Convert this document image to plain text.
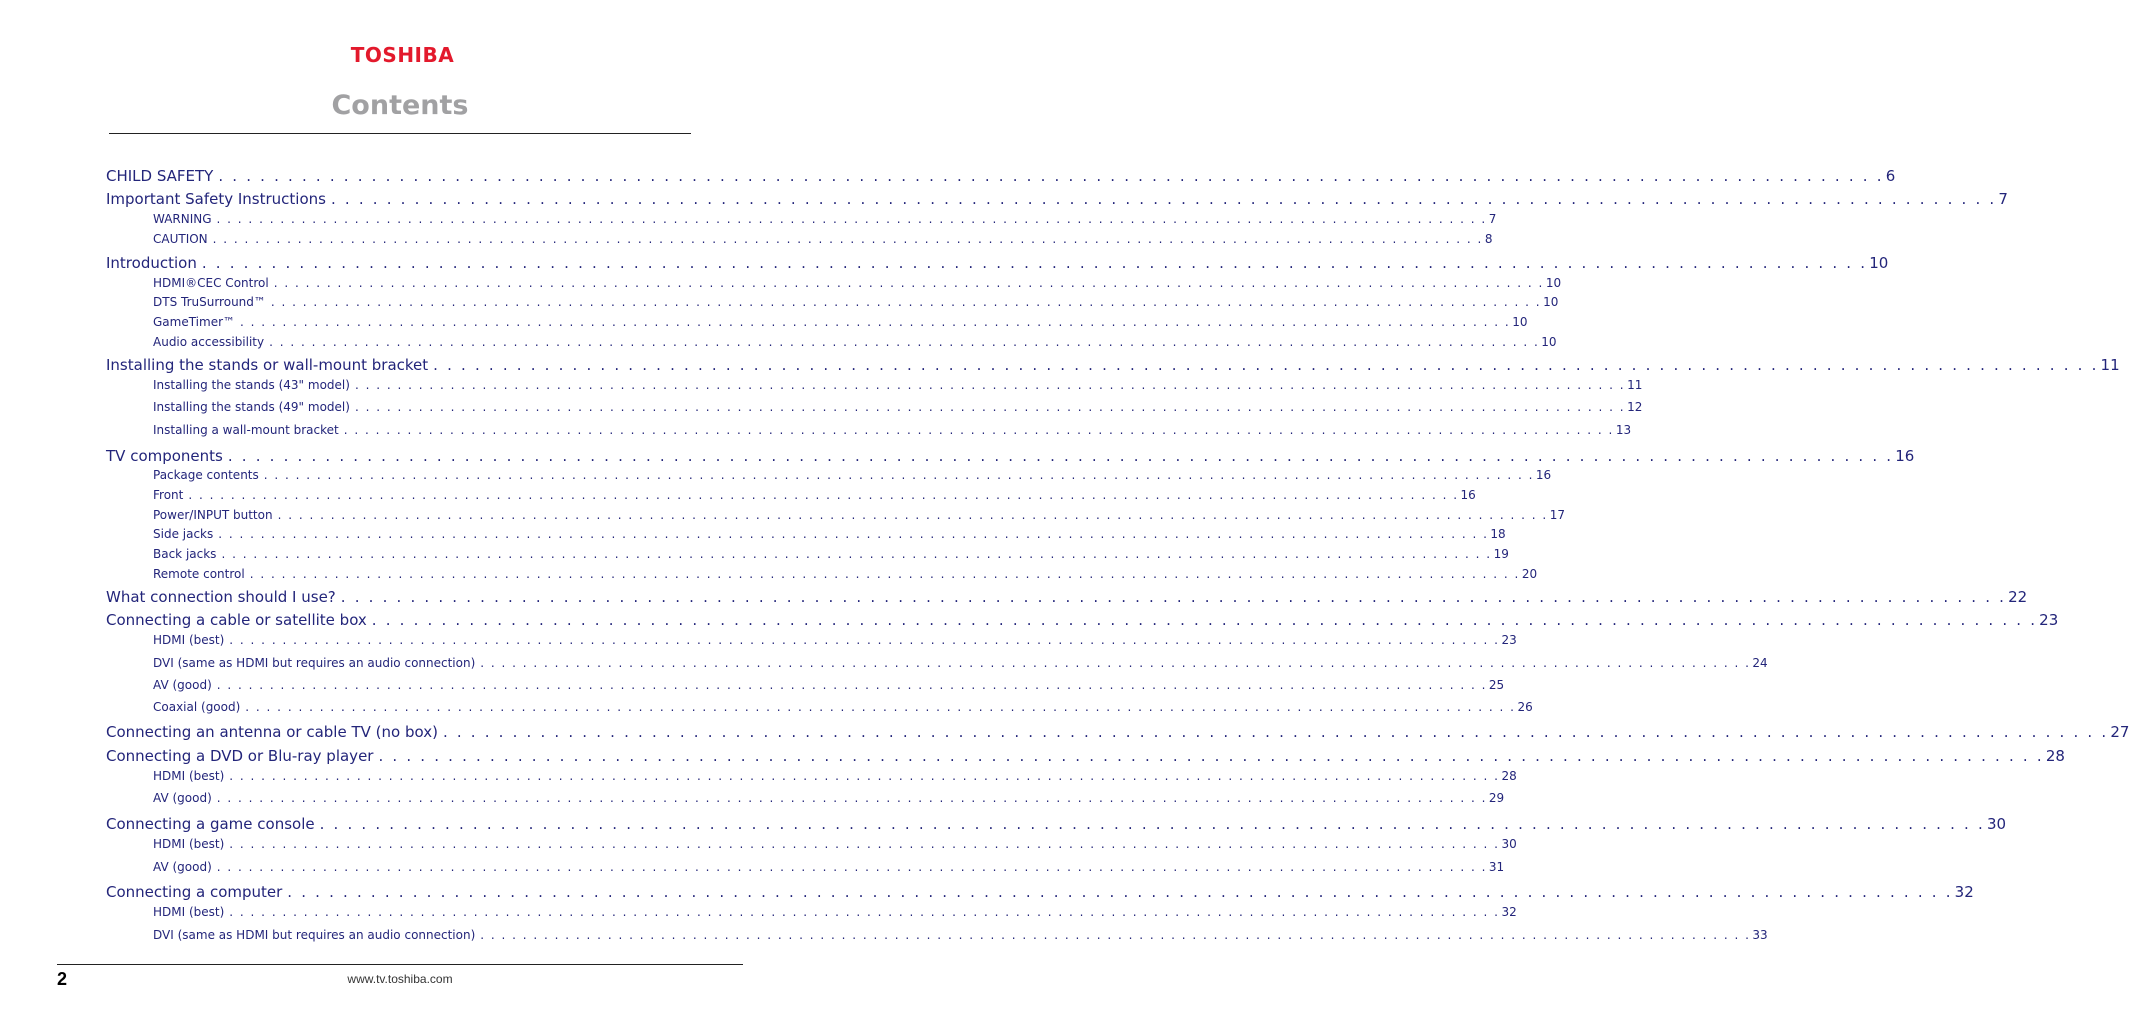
TOSHIBA
Contents
CHILD SAFETY . . . . . . . . . . . . . . . . . . . . . . . . . . . . . . . . . . . . . . . . . . . . . . . . . . . . . . . . . . . . . . . . . . . . . . . . . . . . . . . . . . . . . . . . . . . . . . . . . . . . . . . . . . . . . . . . . . . . . . . . 6
Important Safety Instructions . . . . . . . . . . . . . . . . . . . . . . . . . . . . . . . . . . . . . . . . . . . . . . . . . . . . . . . . . . . . . . . . . . . . . . . . . . . . . . . . . . . . . . . . . . . . . . . . . . . . . . . . . . . . . . . . . . . . . . . . 7
WARNING . . . . . . . . . . . . . . . . . . . . . . . . . . . . . . . . . . . . . . . . . . . . . . . . . . . . . . . . . . . . . . . . . . . . . . . . . . . . . . . . . . . . . . . . . . . . . . . . . . . . . . . . . . . . . . . . . . . . . . . . 7
CAUTION . . . . . . . . . . . . . . . . . . . . . . . . . . . . . . . . . . . . . . . . . . . . . . . . . . . . . . . . . . . . . . . . . . . . . . . . . . . . . . . . . . . . . . . . . . . . . . . . . . . . . . . . . . . . . . . . . . . . . . . . 8
Introduction . . . . . . . . . . . . . . . . . . . . . . . . . . . . . . . . . . . . . . . . . . . . . . . . . . . . . . . . . . . . . . . . . . . . . . . . . . . . . . . . . . . . . . . . . . . . . . . . . . . . . . . . . . . . . . . . . . . . . . . . 10
HDMI®CEC Control . . . . . . . . . . . . . . . . . . . . . . . . . . . . . . . . . . . . . . . . . . . . . . . . . . . . . . . . . . . . . . . . . . . . . . . . . . . . . . . . . . . . . . . . . . . . . . . . . . . . . . . . . . . . . . . . . . . . . . . . 10
DTS TruSurround™ . . . . . . . . . . . . . . . . . . . . . . . . . . . . . . . . . . . . . . . . . . . . . . . . . . . . . . . . . . . . . . . . . . . . . . . . . . . . . . . . . . . . . . . . . . . . . . . . . . . . . . . . . . . . . . . . . . . . . . . . 10
GameTimer™ . . . . . . . . . . . . . . . . . . . . . . . . . . . . . . . . . . . . . . . . . . . . . . . . . . . . . . . . . . . . . . . . . . . . . . . . . . . . . . . . . . . . . . . . . . . . . . . . . . . . . . . . . . . . . . . . . . . . . . . . 10
Audio accessibility . . . . . . . . . . . . . . . . . . . . . . . . . . . . . . . . . . . . . . . . . . . . . . . . . . . . . . . . . . . . . . . . . . . . . . . . . . . . . . . . . . . . . . . . . . . . . . . . . . . . . . . . . . . . . . . . . . . . . . . . 10
Installing the stands or wall-mount bracket . . . . . . . . . . . . . . . . . . . . . . . . . . . . . . . . . . . . . . . . . . . . . . . . . . . . . . . . . . . . . . . . . . . . . . . . . . . . . . . . . . . . . . . . . . . . . . . . . . . . . . . . . . . . . . . . . . . . . . . . 11
Installing the stands (43" model) . . . . . . . . . . . . . . . . . . . . . . . . . . . . . . . . . . . . . . . . . . . . . . . . . . . . . . . . . . . . . . . . . . . . . . . . . . . . . . . . . . . . . . . . . . . . . . . . . . . . . . . . . . . . . . . . . . . . . . . . 11
Installing the stands (49" model) . . . . . . . . . . . . . . . . . . . . . . . . . . . . . . . . . . . . . . . . . . . . . . . . . . . . . . . . . . . . . . . . . . . . . . . . . . . . . . . . . . . . . . . . . . . . . . . . . . . . . . . . . . . . . . . . . . . . . . . . 12
Installing a wall-mount bracket . . . . . . . . . . . . . . . . . . . . . . . . . . . . . . . . . . . . . . . . . . . . . . . . . . . . . . . . . . . . . . . . . . . . . . . . . . . . . . . . . . . . . . . . . . . . . . . . . . . . . . . . . . . . . . . . . . . . . . . . 13
TV components . . . . . . . . . . . . . . . . . . . . . . . . . . . . . . . . . . . . . . . . . . . . . . . . . . . . . . . . . . . . . . . . . . . . . . . . . . . . . . . . . . . . . . . . . . . . . . . . . . . . . . . . . . . . . . . . . . . . . . . . 16
Package contents . . . . . . . . . . . . . . . . . . . . . . . . . . . . . . . . . . . . . . . . . . . . . . . . . . . . . . . . . . . . . . . . . . . . . . . . . . . . . . . . . . . . . . . . . . . . . . . . . . . . . . . . . . . . . . . . . . . . . . . . 16
Front . . . . . . . . . . . . . . . . . . . . . . . . . . . . . . . . . . . . . . . . . . . . . . . . . . . . . . . . . . . . . . . . . . . . . . . . . . . . . . . . . . . . . . . . . . . . . . . . . . . . . . . . . . . . . . . . . . . . . . . . 16
Power/INPUT button . . . . . . . . . . . . . . . . . . . . . . . . . . . . . . . . . . . . . . . . . . . . . . . . . . . . . . . . . . . . . . . . . . . . . . . . . . . . . . . . . . . . . . . . . . . . . . . . . . . . . . . . . . . . . . . . . . . . . . . . 17
Side jacks . . . . . . . . . . . . . . . . . . . . . . . . . . . . . . . . . . . . . . . . . . . . . . . . . . . . . . . . . . . . . . . . . . . . . . . . . . . . . . . . . . . . . . . . . . . . . . . . . . . . . . . . . . . . . . . . . . . . . . . . 18
Back jacks . . . . . . . . . . . . . . . . . . . . . . . . . . . . . . . . . . . . . . . . . . . . . . . . . . . . . . . . . . . . . . . . . . . . . . . . . . . . . . . . . . . . . . . . . . . . . . . . . . . . . . . . . . . . . . . . . . . . . . . . 19
Remote control . . . . . . . . . . . . . . . . . . . . . . . . . . . . . . . . . . . . . . . . . . . . . . . . . . . . . . . . . . . . . . . . . . . . . . . . . . . . . . . . . . . . . . . . . . . . . . . . . . . . . . . . . . . . . . . . . . . . . . . . 20
What connection should I use? . . . . . . . . . . . . . . . . . . . . . . . . . . . . . . . . . . . . . . . . . . . . . . . . . . . . . . . . . . . . . . . . . . . . . . . . . . . . . . . . . . . . . . . . . . . . . . . . . . . . . . . . . . . . . . . . . . . . . . . . 22
Connecting a cable or satellite box . . . . . . . . . . . . . . . . . . . . . . . . . . . . . . . . . . . . . . . . . . . . . . . . . . . . . . . . . . . . . . . . . . . . . . . . . . . . . . . . . . . . . . . . . . . . . . . . . . . . . . . . . . . . . . . . . . . . . . . . 23
HDMI (best) . . . . . . . . . . . . . . . . . . . . . . . . . . . . . . . . . . . . . . . . . . . . . . . . . . . . . . . . . . . . . . . . . . . . . . . . . . . . . . . . . . . . . . . . . . . . . . . . . . . . . . . . . . . . . . . . . . . . . . . . 23
DVI (same as HDMI but requires an audio connection) . . . . . . . . . . . . . . . . . . . . . . . . . . . . . . . . . . . . . . . . . . . . . . . . . . . . . . . . . . . . . . . . . . . . . . . . . . . . . . . . . . . . . . . . . . . . . . . . . . . . . . . . . . . . . . . . . . . . . . . . 24
AV (good) . . . . . . . . . . . . . . . . . . . . . . . . . . . . . . . . . . . . . . . . . . . . . . . . . . . . . . . . . . . . . . . . . . . . . . . . . . . . . . . . . . . . . . . . . . . . . . . . . . . . . . . . . . . . . . . . . . . . . . . . 25
Coaxial (good) . . . . . . . . . . . . . . . . . . . . . . . . . . . . . . . . . . . . . . . . . . . . . . . . . . . . . . . . . . . . . . . . . . . . . . . . . . . . . . . . . . . . . . . . . . . . . . . . . . . . . . . . . . . . . . . . . . . . . . . . 26
Connecting an antenna or cable TV (no box) . . . . . . . . . . . . . . . . . . . . . . . . . . . . . . . . . . . . . . . . . . . . . . . . . . . . . . . . . . . . . . . . . . . . . . . . . . . . . . . . . . . . . . . . . . . . . . . . . . . . . . . . . . . . . . . . . . . . . . . . 27
Connecting a DVD or Blu-ray player . . . . . . . . . . . . . . . . . . . . . . . . . . . . . . . . . . . . . . . . . . . . . . . . . . . . . . . . . . . . . . . . . . . . . . . . . . . . . . . . . . . . . . . . . . . . . . . . . . . . . . . . . . . . . . . . . . . . . . . . 28
HDMI (best) . . . . . . . . . . . . . . . . . . . . . . . . . . . . . . . . . . . . . . . . . . . . . . . . . . . . . . . . . . . . . . . . . . . . . . . . . . . . . . . . . . . . . . . . . . . . . . . . . . . . . . . . . . . . . . . . . . . . . . . . 28
AV (good) . . . . . . . . . . . . . . . . . . . . . . . . . . . . . . . . . . . . . . . . . . . . . . . . . . . . . . . . . . . . . . . . . . . . . . . . . . . . . . . . . . . . . . . . . . . . . . . . . . . . . . . . . . . . . . . . . . . . . . . . 29
Connecting a game console . . . . . . . . . . . . . . . . . . . . . . . . . . . . . . . . . . . . . . . . . . . . . . . . . . . . . . . . . . . . . . . . . . . . . . . . . . . . . . . . . . . . . . . . . . . . . . . . . . . . . . . . . . . . . . . . . . . . . . . . 30
HDMI (best) . . . . . . . . . . . . . . . . . . . . . . . . . . . . . . . . . . . . . . . . . . . . . . . . . . . . . . . . . . . . . . . . . . . . . . . . . . . . . . . . . . . . . . . . . . . . . . . . . . . . . . . . . . . . . . . . . . . . . . . . 30
AV (good) . . . . . . . . . . . . . . . . . . . . . . . . . . . . . . . . . . . . . . . . . . . . . . . . . . . . . . . . . . . . . . . . . . . . . . . . . . . . . . . . . . . . . . . . . . . . . . . . . . . . . . . . . . . . . . . . . . . . . . . . 31
Connecting a computer . . . . . . . . . . . . . . . . . . . . . . . . . . . . . . . . . . . . . . . . . . . . . . . . . . . . . . . . . . . . . . . . . . . . . . . . . . . . . . . . . . . . . . . . . . . . . . . . . . . . . . . . . . . . . . . . . . . . . . . . 32
HDMI (best) . . . . . . . . . . . . . . . . . . . . . . . . . . . . . . . . . . . . . . . . . . . . . . . . . . . . . . . . . . . . . . . . . . . . . . . . . . . . . . . . . . . . . . . . . . . . . . . . . . . . . . . . . . . . . . . . . . . . . . . . 32
DVI (same as HDMI but requires an audio connection) . . . . . . . . . . . . . . . . . . . . . . . . . . . . . . . . . . . . . . . . . . . . . . . . . . . . . . . . . . . . . . . . . . . . . . . . . . . . . . . . . . . . . . . . . . . . . . . . . . . . . . . . . . . . . . . . . . . . . . . . 33
2	www.tv.toshiba.com
